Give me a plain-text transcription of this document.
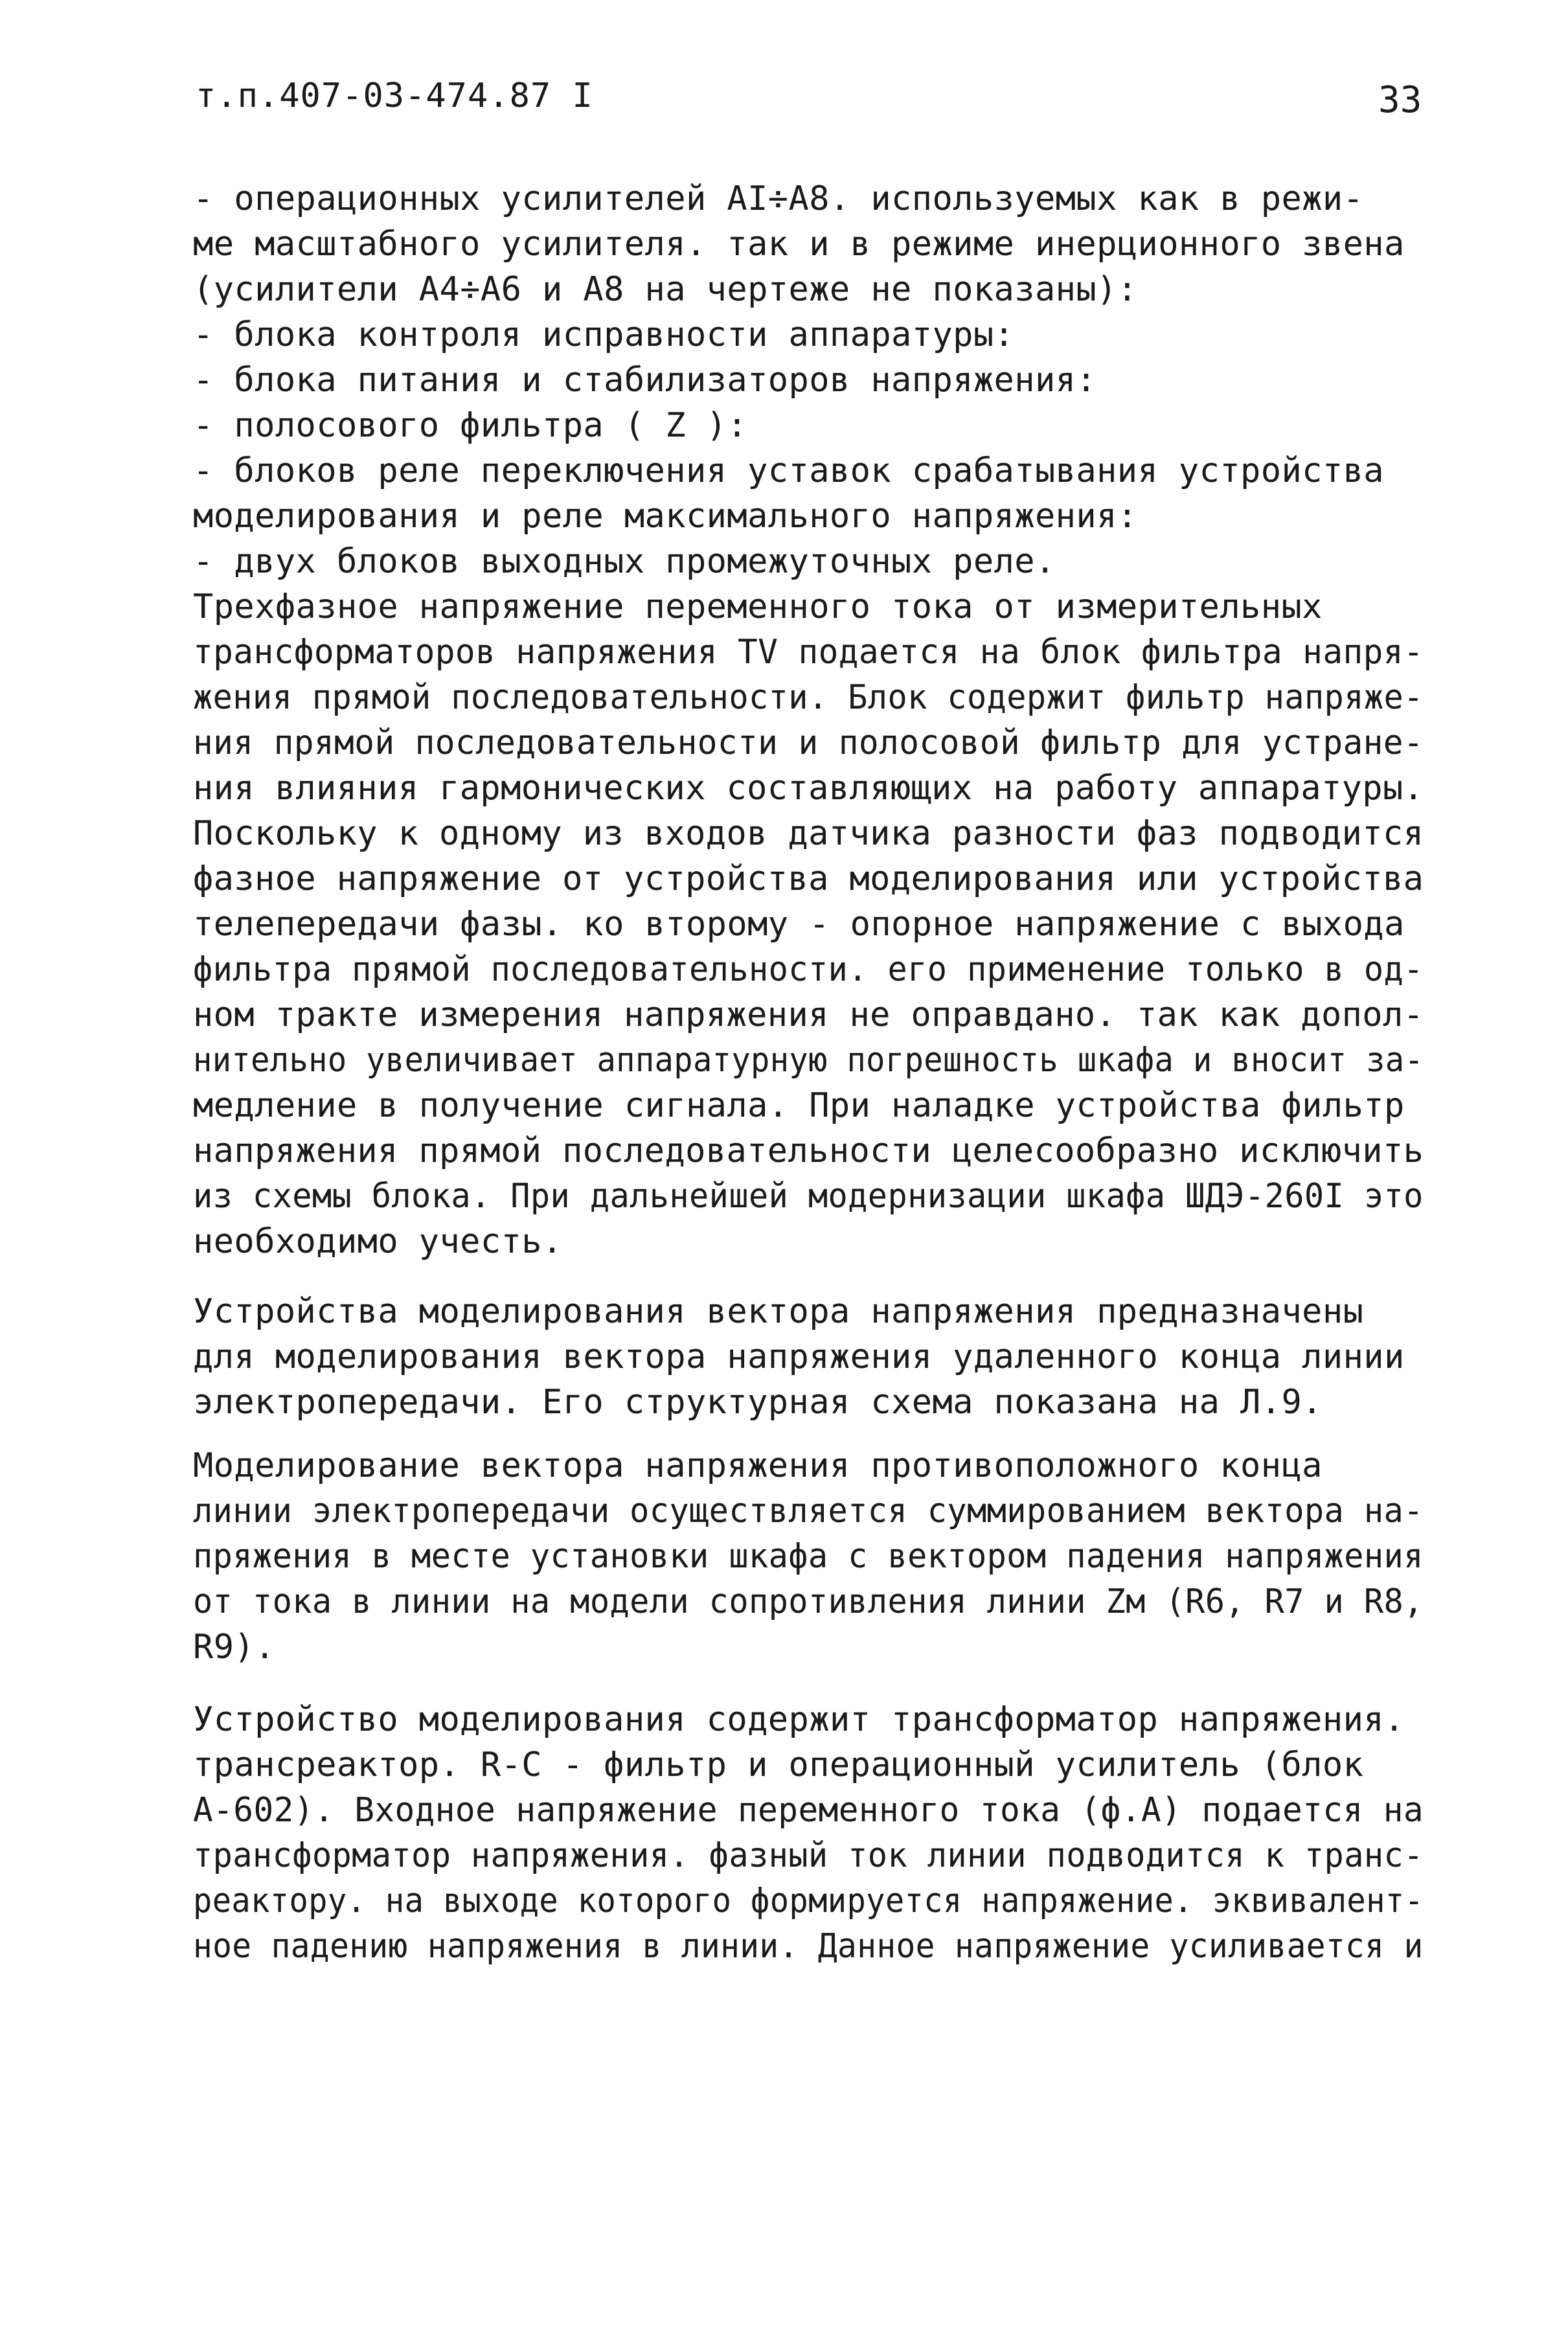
т.п.407-03-474.87 I	33
- операционных усилителей AI÷A8. используемых как в режи-
ме масштабного усилителя. так и в режиме инерционного звена
(усилители А4÷А6 и А8 на чертеже не показаны):
- блока контроля исправности аппаратуры:
- блока питания и стабилизаторов напряжения:
- полосового фильтра ( Z ):
- блоков реле переключения уставок срабатывания устройства
моделирования и реле максимального напряжения:
- двух блоков выходных промежуточных реле.
Трехфазное напряжение переменного тока от измерительных
трансформаторов напряжения TV подается на блок фильтра напря-
жения прямой последовательности. Блок содержит фильтр напряже-
ния прямой последовательности и полосовой фильтр для устране-
ния влияния гармонических составляющих на работу аппаратуры.
Поскольку к одному из входов датчика разности фаз подводится
фазное напряжение от устройства моделирования или устройства
телепередачи фазы. ко второму - опорное напряжение с выхода
фильтра прямой последовательности. его применение только в од-
ном тракте измерения напряжения не оправдано. так как допол-
нительно увеличивает аппаратурную погрешность шкафа и вносит за-
медление в получение сигнала. При наладке устройства фильтр
напряжения прямой последовательности целесообразно исключить
из схемы блока. При дальнейшей модернизации шкафа ШДЭ-260I это
необходимо учесть.
Устройства моделирования вектора напряжения предназначены
для моделирования вектора напряжения удаленного конца линии
электропередачи. Его структурная схема показана на Л.9.
Моделирование вектора напряжения противоположного конца
линии электропередачи осуществляется суммированием вектора на-
пряжения в месте установки шкафа с вектором падения напряжения
от тока в линии на модели сопротивления линии Zм (R6, R7 и R8,
R9).
Устройство моделирования содержит трансформатор напряжения.
трансреактор. R-C - фильтр и операционный усилитель (блок
А-602). Входное напряжение переменного тока (ф.А) подается на
трансформатор напряжения. фазный ток линии подводится к транс-
реактору. на выходе которого формируется напряжение. эквивалент-
ное падению напряжения в линии. Данное напряжение усиливается и
